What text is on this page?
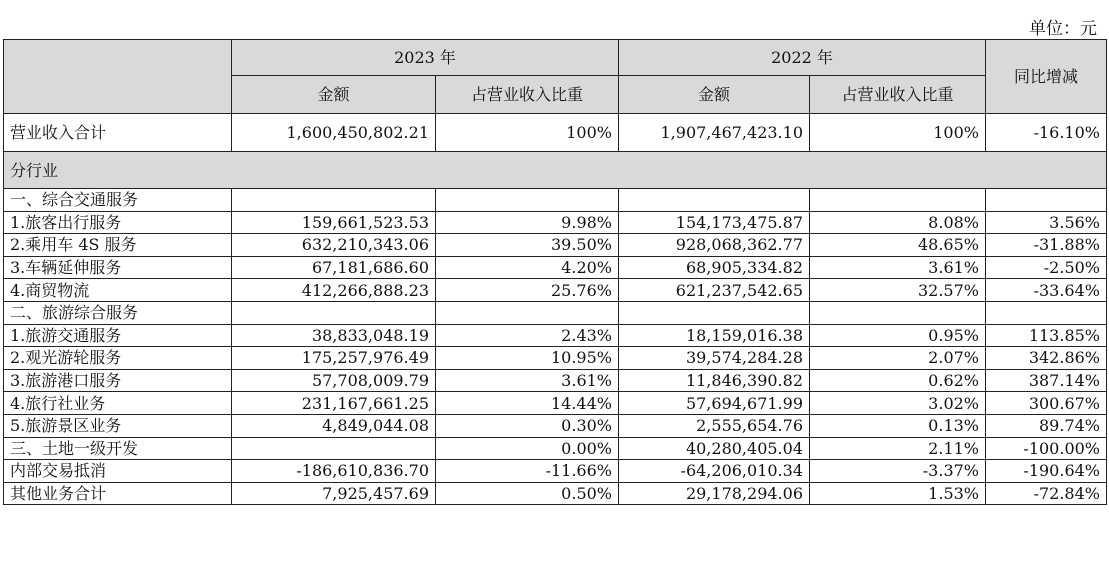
单位：元
	2023 年		2022 年		同比增减
	金额	占营业收入比重	金额	占营业收入比重	
营业收入合计	1,600,450,802.21	100%	1,907,467,423.10	100%	-16.10%
分行业					
一、综合交通服务					
1.旅客出行服务	159,661,523.53	9.98%	154,173,475.87	8.08%	3.56%
2.乘用车 4S 服务	632,210,343.06	39.50%	928,068,362.77	48.65%	-31.88%
3.车辆延伸服务	67,181,686.60	4.20%	68,905,334.82	3.61%	-2.50%
4.商贸物流	412,266,888.23	25.76%	621,237,542.65	32.57%	-33.64%
二、旅游综合服务					
1.旅游交通服务	38,833,048.19	2.43%	18,159,016.38	0.95%	113.85%
2.观光游轮服务	175,257,976.49	10.95%	39,574,284.28	2.07%	342.86%
3.旅游港口服务	57,708,009.79	3.61%	11,846,390.82	0.62%	387.14%
4.旅行社业务	231,167,661.25	14.44%	57,694,671.99	3.02%	300.67%
5.旅游景区业务	4,849,044.08	0.30%	2,555,654.76	0.13%	89.74%
三、土地一级开发		0.00%	40,280,405.04	2.11%	-100.00%
内部交易抵消	-186,610,836.70	-11.66%	-64,206,010.34	-3.37%	-190.64%
其他业务合计	7,925,457.69	0.50%	29,178,294.06	1.53%	-72.84%
